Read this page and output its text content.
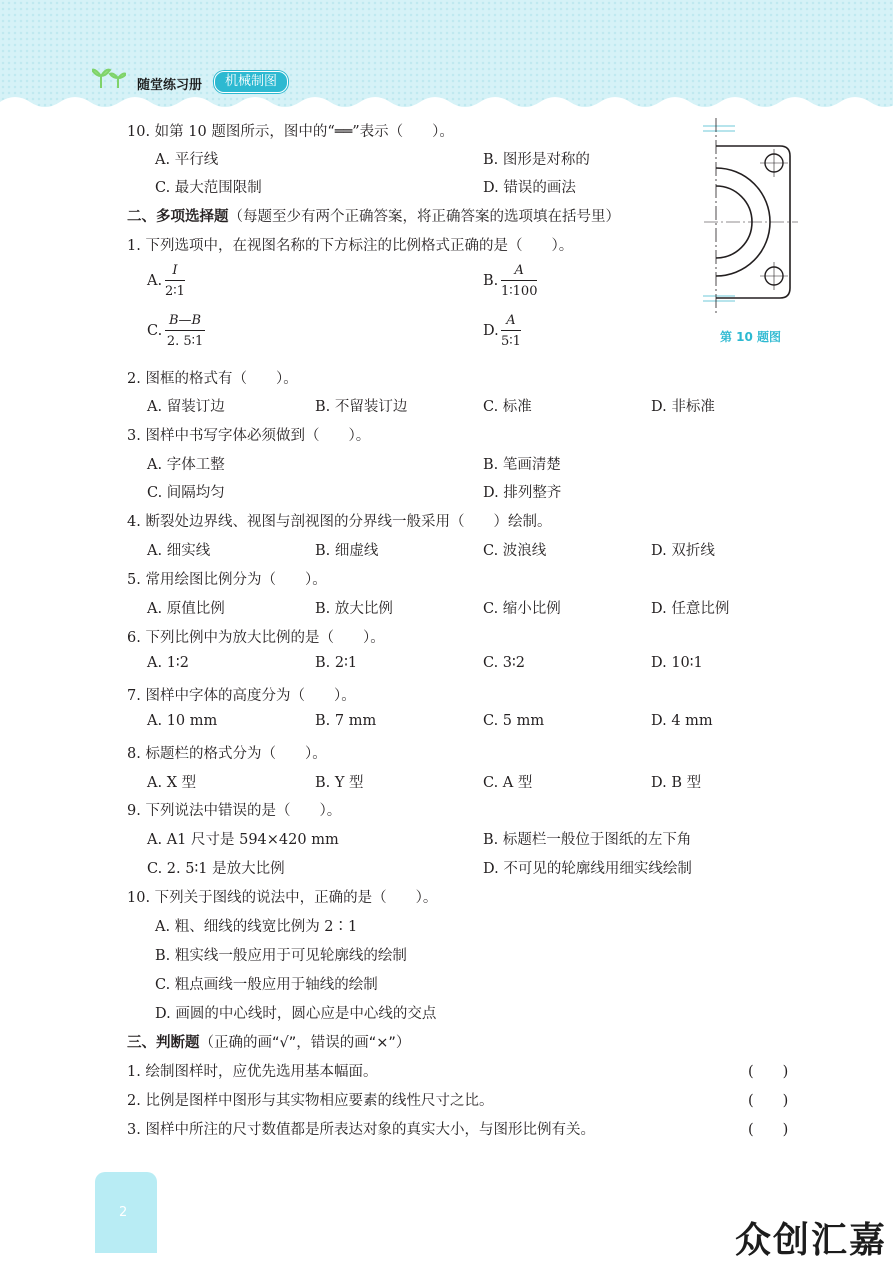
随堂练习册	机械制图
10. 如第 10 题图所示，图中的“══”表示（　　）。
A. 平行线	B. 图形是对称的
C. 最大范围限制	D. 错误的画法
第 10 题图
二、多项选择题（每题至少有两个正确答案，将正确答案的选项填在括号里）
1. 下列选项中，在视图名称的下方标注的比例格式正确的是（　　）。
A.
I
2∶1
B.
A
1∶100
C.
B—B
2. 5∶1
D.
A
5∶1
2. 图框的格式有（　　）。
A. 留装订边	B. 不留装订边	C. 标准	D. 非标准
3. 图样中书写字体必须做到（　　）。
A. 字体工整	B. 笔画清楚
C. 间隔均匀	D. 排列整齐
4. 断裂处边界线、视图与剖视图的分界线一般采用（　　）绘制。
A. 细实线	B. 细虚线	C. 波浪线	D. 双折线
5. 常用绘图比例分为（　　）。
A. 原值比例	B. 放大比例	C. 缩小比例	D. 任意比例
6. 下列比例中为放大比例的是（　　）。
A. 1∶2	B. 2∶1	C. 3∶2	D. 10∶1
7. 图样中字体的高度分为（　　）。
A. 10 mm	B. 7 mm	C. 5 mm	D. 4 mm
8. 标题栏的格式分为（　　）。
A. X 型	B. Y 型	C. A 型	D. B 型
9. 下列说法中错误的是（　　）。
A. A1 尺寸是 594×420 mm	B. 标题栏一般位于图纸的左下角
C. 2. 5∶1 是放大比例	D. 不可见的轮廓线用细实线绘制
10. 下列关于图线的说法中，正确的是（　　）。
A. 粗、细线的线宽比例为 2∶1
B. 粗实线一般应用于可见轮廓线的绘制
C. 粗点画线一般应用于轴线的绘制
D. 画圆的中心线时，圆心应是中心线的交点
三、判断题（正确的画“√”，错误的画“×”）
1. 绘制图样时，应优先选用基本幅面。	(　　)
2. 比例是图样中图形与其实物相应要素的线性尺寸之比。	(　　)
3. 图样中所注的尺寸数值都是所表达对象的真实大小，与图形比例有关。	(　　)
2
众创汇嘉
